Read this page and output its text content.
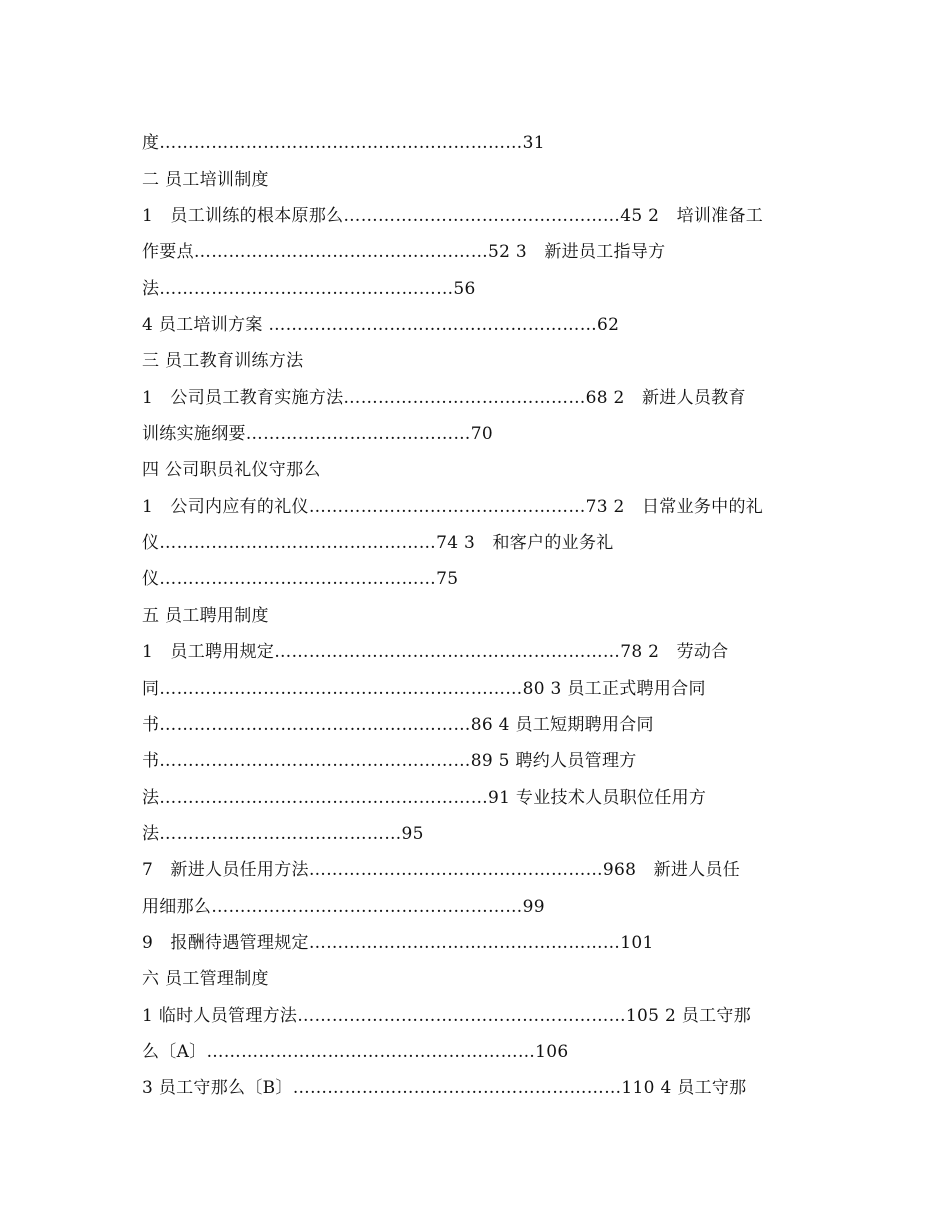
度………………………………………………………31
二 员工培训制度
1　员工训练的根本原那么…………………………………………45 2　培训准备工
作要点……………………………………………52 3　新进员工指导方
法……………………………………………56
4 员工培训方案 …………………………………………………62
三 员工教育训练方法
1　公司员工教育实施方法……………………………………68 2　新进人员教育
训练实施纲要…………………………………70
四 公司职员礼仪守那么
1　公司内应有的礼仪…………………………………………73 2　日常业务中的礼
仪…………………………………………74 3　和客户的业务礼
仪…………………………………………75
五 员工聘用制度
1　员工聘用规定……………………………………………………78 2　劳动合
同………………………………………………………80 3 员工正式聘用合同
书………………………………………………86 4 员工短期聘用合同
书………………………………………………89 5 聘约人员管理方
法…………………………………………………91 专业技术人员职位任用方
法……………………………………95
7　新进人员任用方法……………………………………………968　新进人员任
用细那么………………………………………………99
9　报酬待遇管理规定………………………………………………101
六 员工管理制度
1 临时人员管理方法…………………………………………………105 2 员工守那
么〔A〕…………………………………………………106
3 员工守那么〔B〕…………………………………………………110 4 员工守那
